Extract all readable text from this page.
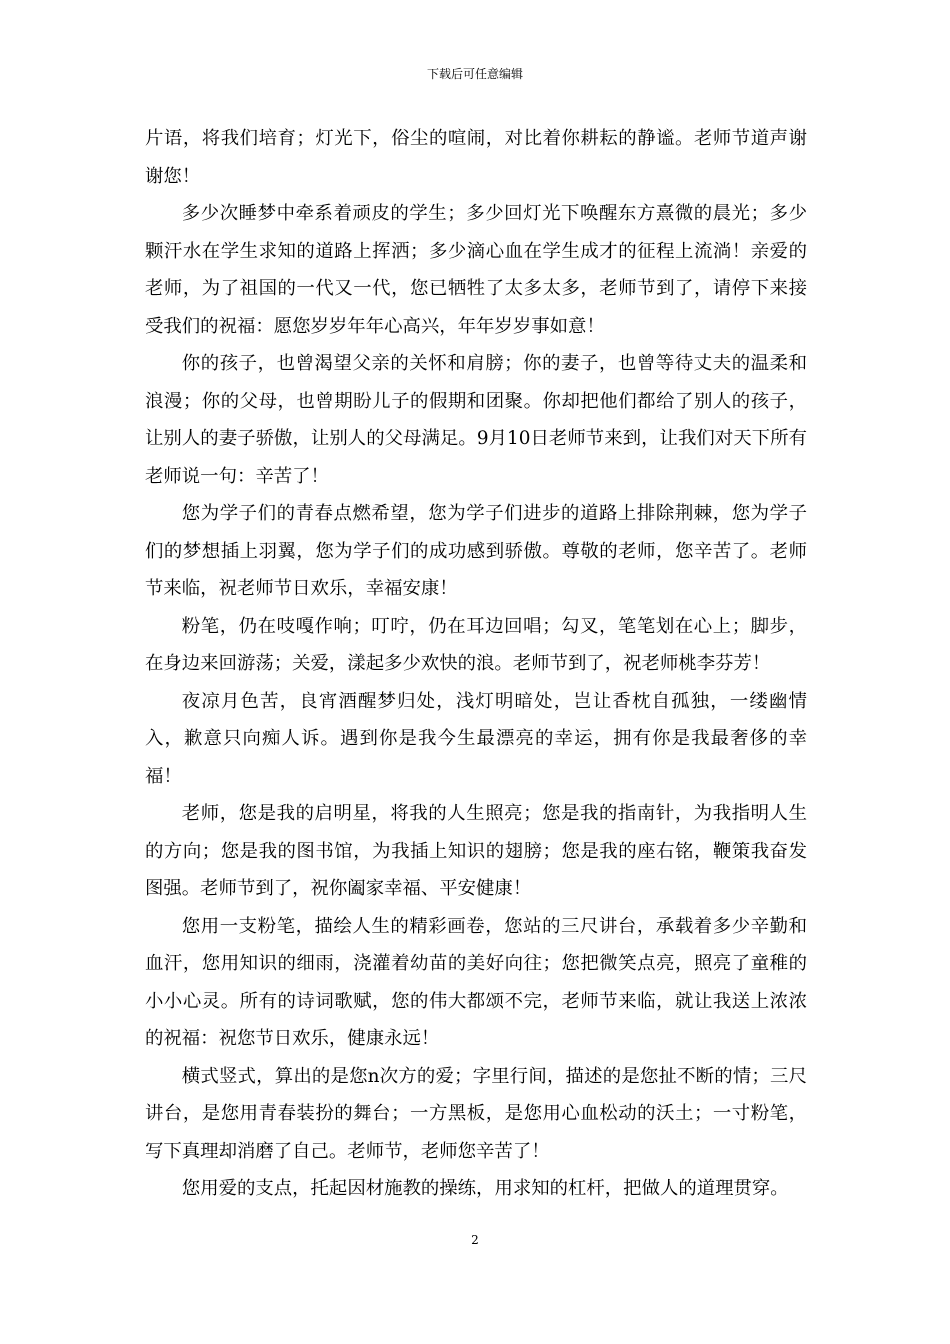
下载后可任意编辑

片语，将我们培育；灯光下，俗尘的喧闹，对比着你耕耘的静谧。老师节道声谢谢您！

多少次睡梦中牵系着顽皮的学生；多少回灯光下唤醒东方熹微的晨光；多少颗汗水在学生求知的道路上挥洒；多少滴心血在学生成才的征程上流淌！亲爱的老师，为了祖国的一代又一代，您已牺牲了太多太多，老师节到了，请停下来接受我们的祝福：愿您岁岁年年心高兴，年年岁岁事如意！

你的孩子，也曾渴望父亲的关怀和肩膀；你的妻子，也曾等待丈夫的温柔和浪漫；你的父母，也曾期盼儿子的假期和团聚。你却把他们都给了别人的孩子，让别人的妻子骄傲，让别人的父母满足。9月10日老师节来到，让我们对天下所有老师说一句：辛苦了！

您为学子们的青春点燃希望，您为学子们进步的道路上排除荆棘，您为学子们的梦想插上羽翼，您为学子们的成功感到骄傲。尊敬的老师，您辛苦了。老师节来临，祝老师节日欢乐，幸福安康！

粉笔，仍在吱嘎作响；叮咛，仍在耳边回唱；勾叉，笔笔划在心上；脚步，在身边来回游荡；关爱，漾起多少欢快的浪。老师节到了，祝老师桃李芬芳！

夜凉月色苦，良宵酒醒梦归处，浅灯明暗处，岂让香枕自孤独，一缕幽情入，歉意只向痴人诉。遇到你是我今生最漂亮的幸运，拥有你是我最奢侈的幸福！

老师，您是我的启明星，将我的人生照亮；您是我的指南针，为我指明人生的方向；您是我的图书馆，为我插上知识的翅膀；您是我的座右铭，鞭策我奋发图强。老师节到了，祝你阖家幸福、平安健康！

您用一支粉笔，描绘人生的精彩画卷，您站的三尺讲台，承载着多少辛勤和血汗，您用知识的细雨，浇灌着幼苗的美好向往；您把微笑点亮，照亮了童稚的小小心灵。所有的诗词歌赋，您的伟大都颂不完，老师节来临，就让我送上浓浓的祝福：祝您节日欢乐，健康永远！

横式竖式，算出的是您n次方的爱；字里行间，描述的是您扯不断的情；三尺讲台，是您用青春装扮的舞台；一方黑板，是您用心血松动的沃土；一寸粉笔，写下真理却消磨了自己。老师节，老师您辛苦了！

您用爱的支点，托起因材施教的操练，用求知的杠杆，把做人的道理贯穿。

2
